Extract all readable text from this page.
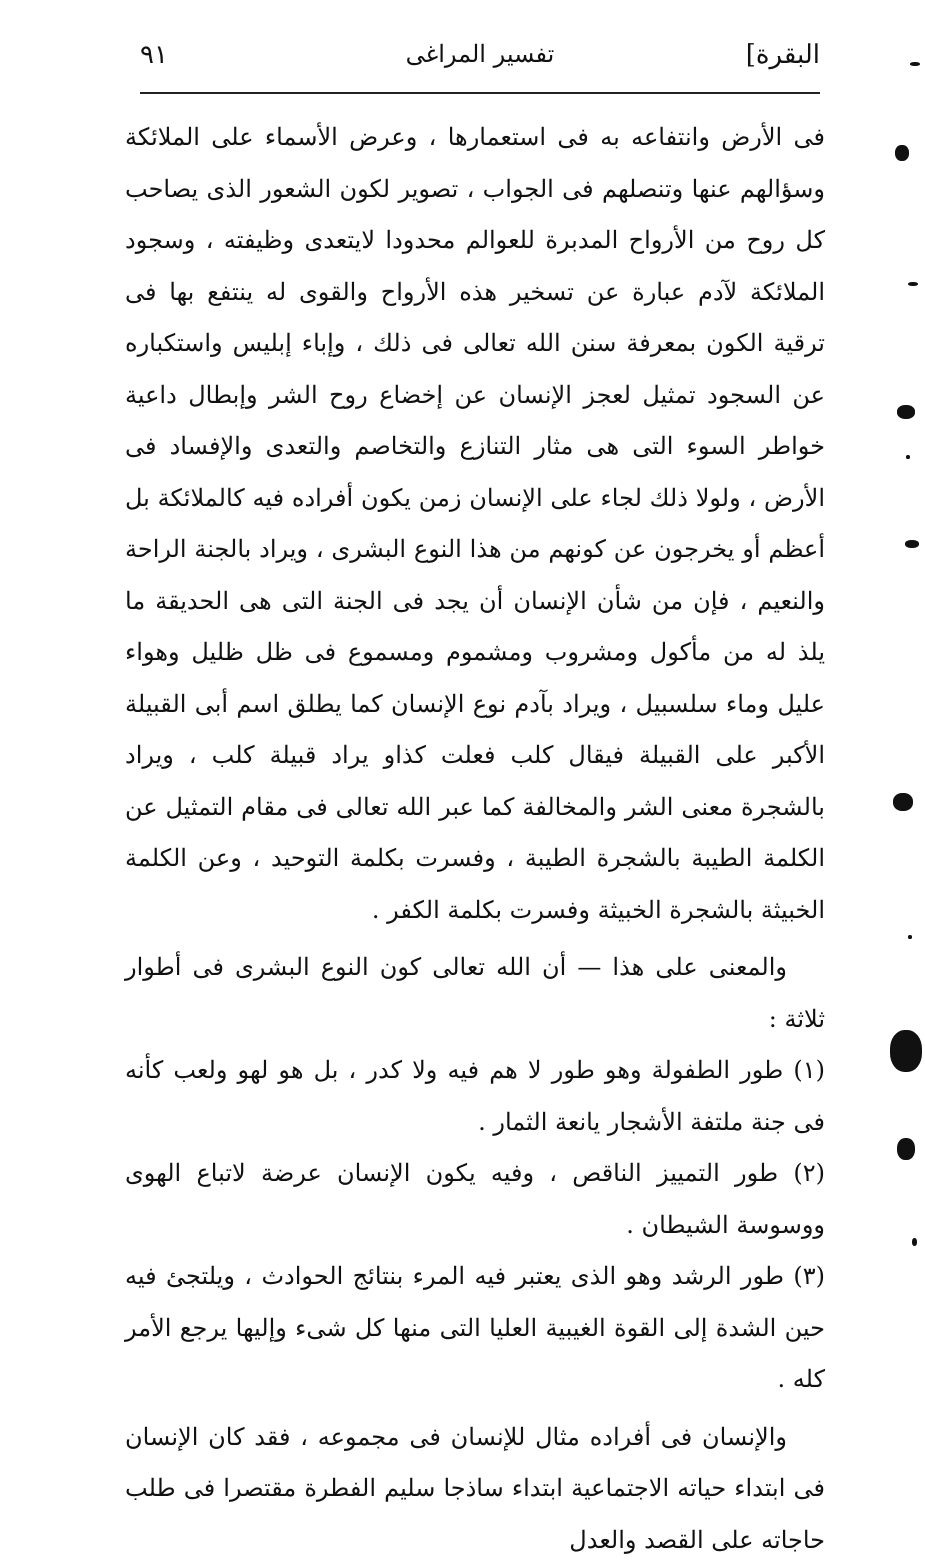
البقرة]
تفسير المراغى
٩١

فى الأرض وانتفاعه به فى استعمارها ، وعرض الأسماء على الملائكة وسؤالهم عنها وتنصلهم فى الجواب ، تصوير لكون الشعور الذى يصاحب كل روح من الأرواح المدبرة للعوالم محدودا لايتعدى وظيفته ، وسجود الملائكة لآدم عبارة عن تسخير هذه الأرواح والقوى له ينتفع بها فى ترقية الكون بمعرفة سنن الله تعالى فى ذلك ، وإباء إبليس واستكباره عن السجود تمثيل لعجز الإنسان عن إخضاع روح الشر وإبطال داعية خواطر السوء التى هى مثار التنازع والتخاصم والتعدى والإفساد فى الأرض ، ولولا ذلك لجاء على الإنسان زمن يكون أفراده فيه كالملائكة بل أعظم أو يخرجون عن كونهم من هذا النوع البشرى ، ويراد بالجنة الراحة والنعيم ، فإن من شأن الإنسان أن يجد فى الجنة التى هى الحديقة ما يلذ له من مأكول ومشروب ومشموم ومسموع فى ظل ظليل وهواء عليل وماء سلسبيل ، ويراد بآدم نوع الإنسان كما يطلق اسم أبى القبيلة الأكبر على القبيلة فيقال كلب فعلت كذاو يراد قبيلة كلب ، ويراد بالشجرة معنى الشر والمخالفة كما عبر الله تعالى فى مقام التمثيل عن الكلمة الطيبة بالشجرة الطيبة ، وفسرت بكلمة التوحيد ، وعن الكلمة الخبيثة بالشجرة الخبيثة وفسرت بكلمة الكفر .

والمعنى على هذا — أن الله تعالى كون النوع البشرى فى أطوار ثلاثة :

(١) طور الطفولة وهو طور لا هم فيه ولا كدر ، بل هو لهو ولعب كأنه فى جنة ملتفة الأشجار يانعة الثمار .

(٢) طور التمييز الناقص ، وفيه يكون الإنسان عرضة لاتباع الهوى ووسوسة الشيطان .

(٣) طور الرشد وهو الذى يعتبر فيه المرء بنتائج الحوادث ، ويلتجئ فيه حين الشدة إلى القوة الغيبية العليا التى منها كل شىء وإليها يرجع الأمر كله .

والإنسان فى أفراده مثال للإنسان فى مجموعه ، فقد كان الإنسان فى ابتداء حياته الاجتماعية ابتداء ساذجا سليم الفطرة مقتصرا فى طلب حاجاته على القصد والعدل
